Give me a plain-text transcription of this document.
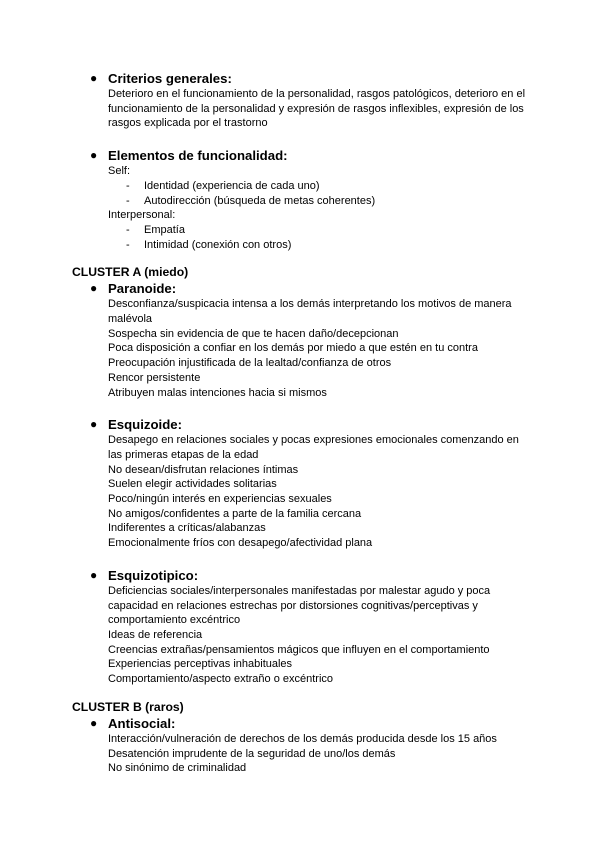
● Criterios generales:
Deterioro en el funcionamiento de la personalidad, rasgos patológicos, deterioro en el funcionamiento de la personalidad y expresión de rasgos inflexibles, expresión de los rasgos explicada por el trastorno
● Elementos de funcionalidad:
Self:
- Identidad (experiencia de cada uno)
- Autodirección (búsqueda de metas coherentes)
Interpersonal:
- Empatía
- Intimidad (conexión con otros)
CLUSTER A (miedo)
● Paranoide:
Desconfianza/suspicacia intensa a los demás interpretando los motivos de manera malévola
Sospecha sin evidencia de que te hacen daño/decepcionan
Poca disposición a confiar en los demás por miedo a que estén en tu contra
Preocupación injustificada de la lealtad/confianza de otros
Rencor persistente
Atribuyen malas intenciones hacia si mismos
● Esquizoide:
Desapego en relaciones sociales y pocas expresiones emocionales comenzando en las primeras etapas de la edad
No desean/disfrutan relaciones íntimas
Suelen elegir actividades solitarias
Poco/ningún interés en experiencias sexuales
No amigos/confidentes a parte de la familia cercana
Indiferentes a críticas/alabanzas
Emocionalmente fríos con desapego/afectividad plana
● Esquizotipico:
Deficiencias sociales/interpersonales manifestadas por malestar agudo y poca capacidad en relaciones estrechas por distorsiones cognitivas/perceptivas y comportamiento excéntrico
Ideas de referencia
Creencias extrañas/pensamientos mágicos que influyen en el comportamiento
Experiencias perceptivas inhabituales
Comportamiento/aspecto extraño o excéntrico
CLUSTER B (raros)
● Antisocial:
Interacción/vulneración de derechos de los demás producida desde los 15 años
Desatención imprudente de la seguridad de uno/los demás
No sinónimo de criminalidad
